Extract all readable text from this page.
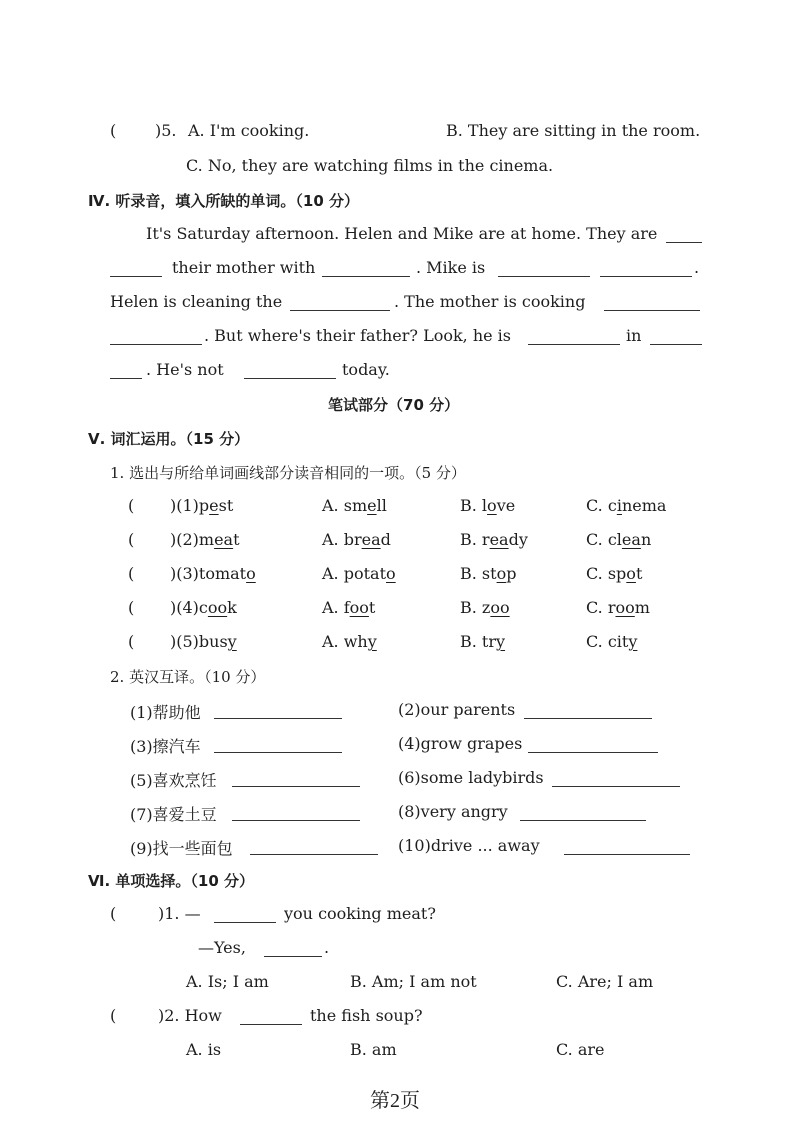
( )5. A. I'm cooking.	B. They are sitting in the room.
C. No, they are watching films in the cinema.
Ⅳ. 听录音，填入所缺的单词。（10 分）
It's Saturday afternoon. Helen and Mike are at home. They are
their mother with	. Mike is	.
Helen is cleaning the	. The mother is cooking
. But where's their father? Look, he is	in
. He's not	today.
笔试部分（70 分）
Ⅴ. 词汇运用。（15 分）
1. 选出与所给单词画线部分读音相同的一项。（5 分）
( )(1)pest	A. smell	B. love	C. cinema
( )(2)meat	A. bread	B. ready	C. clean
( )(3)tomato	A. potato	B. stop	C. spot
( )(4)cook	A. foot	B. zoo	C. room
( )(5)busy	A. why	B. try	C. city
2. 英汉互译。（10 分）
(1)帮助他	(2)our parents
(3)擦汽车	(4)grow grapes
(5)喜欢烹饪	(6)some ladybirds
(7)喜爱土豆	(8)very angry
(9)找一些面包	(10)drive ... away
Ⅵ. 单项选择。（10 分）
(	)1. —	you cooking meat?
—Yes,	.
A. Is; I am	B. Am; I am not	C. Are; I am
(	)2. How	the fish soup?
A. is	B. am	C. are
第2页
